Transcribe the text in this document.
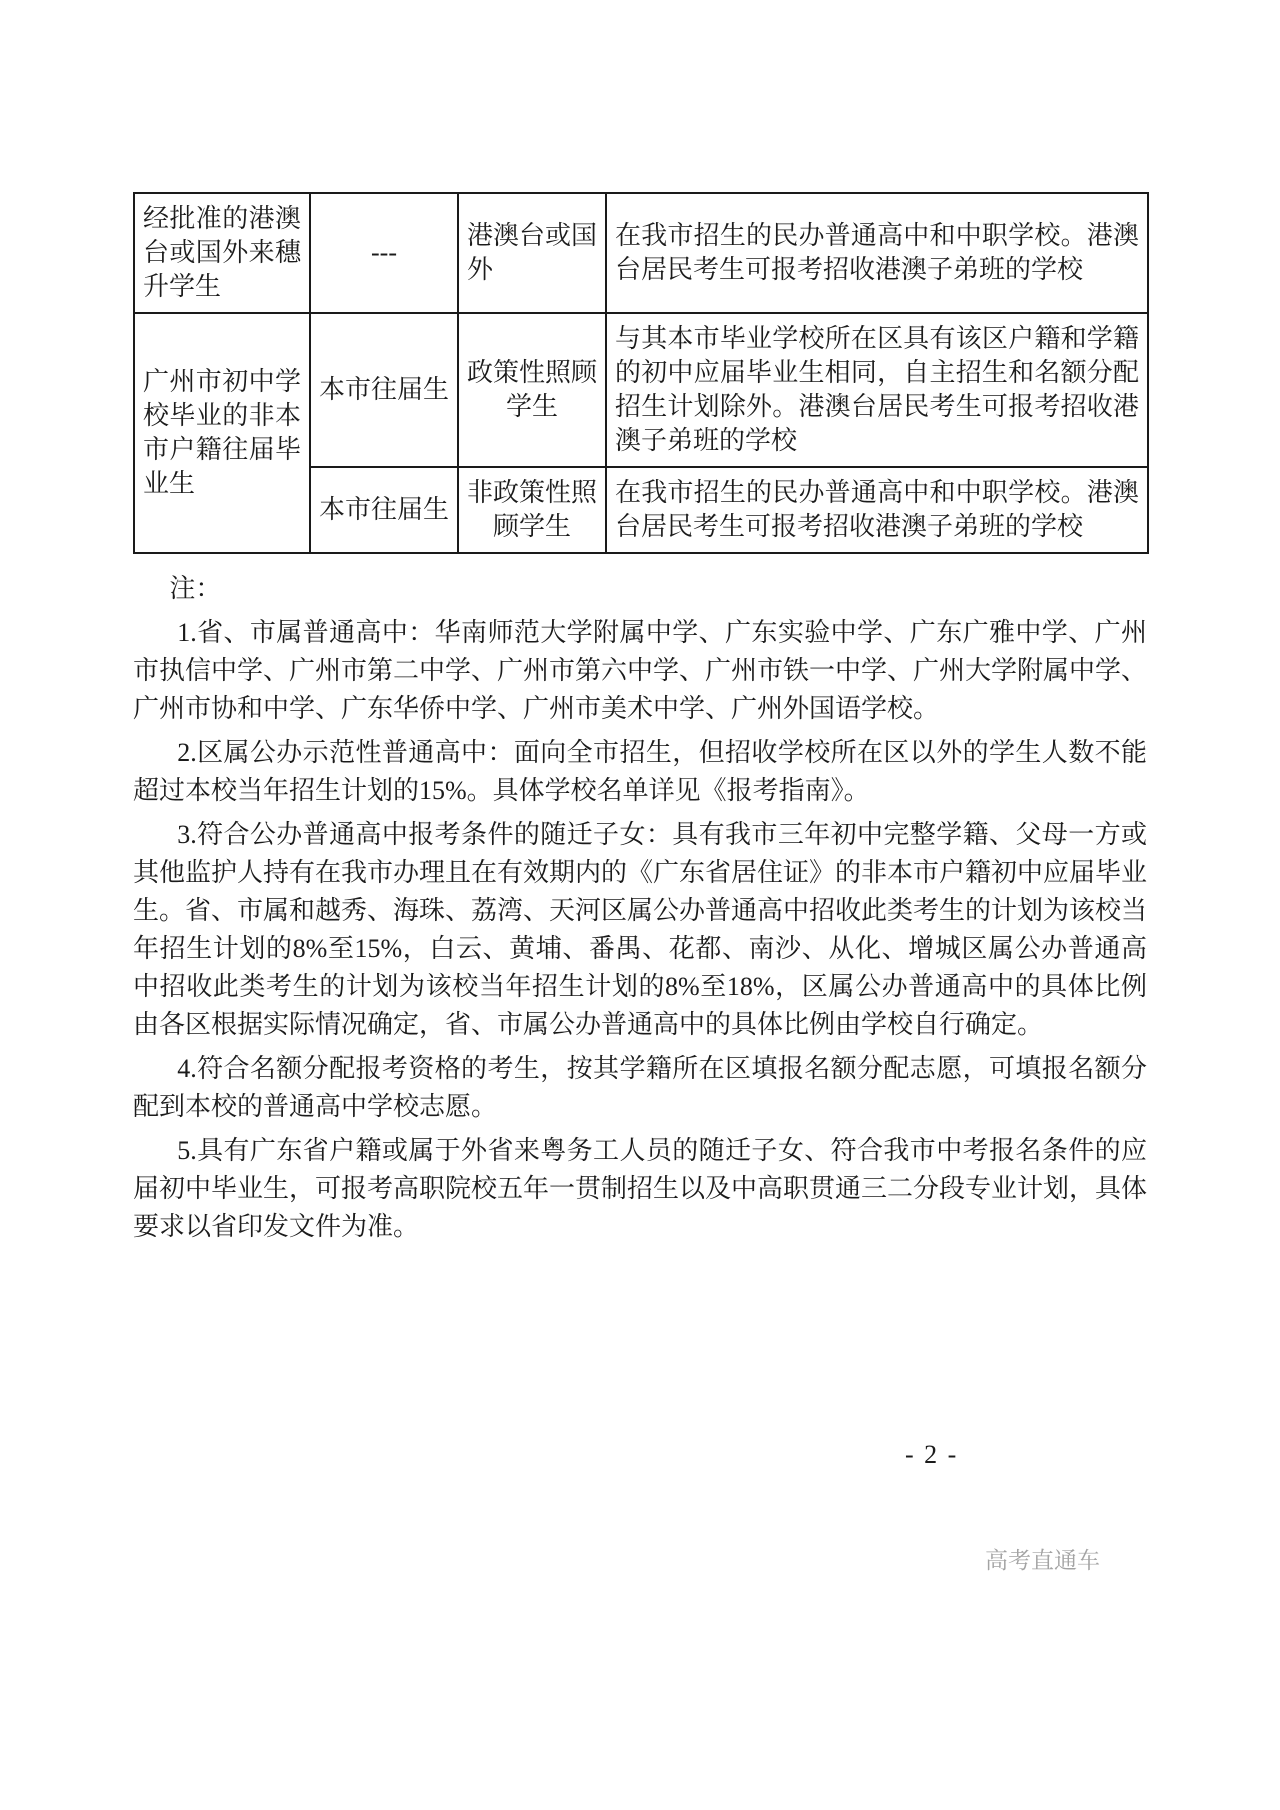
经批准的港澳台或国外来穗升学生	---	港澳台或国外	在我市招生的民办普通高中和中职学校。港澳台居民考生可报考招收港澳子弟班的学校
广州市初中学校毕业的非本市户籍往届毕业生	本市往届生	政策性照顾学生	与其本市毕业学校所在区具有该区户籍和学籍的初中应届毕业生相同，自主招生和名额分配招生计划除外。港澳台居民考生可报考招收港澳子弟班的学校
	本市往届生	非政策性照顾学生	在我市招生的民办普通高中和中职学校。港澳台居民考生可报考招收港澳子弟班的学校

注：

1.省、市属普通高中：华南师范大学附属中学、广东实验中学、广东广雅中学、广州市执信中学、广州市第二中学、广州市第六中学、广州市铁一中学、广州大学附属中学、广州市协和中学、广东华侨中学、广州市美术中学、广州外国语学校。

2.区属公办示范性普通高中：面向全市招生，但招收学校所在区以外的学生人数不能超过本校当年招生计划的15%。具体学校名单详见《报考指南》。

3.符合公办普通高中报考条件的随迁子女：具有我市三年初中完整学籍、父母一方或其他监护人持有在我市办理且在有效期内的《广东省居住证》的非本市户籍初中应届毕业生。省、市属和越秀、海珠、荔湾、天河区属公办普通高中招收此类考生的计划为该校当年招生计划的8%至15%，白云、黄埔、番禺、花都、南沙、从化、增城区属公办普通高中招收此类考生的计划为该校当年招生计划的8%至18%，区属公办普通高中的具体比例由各区根据实际情况确定，省、市属公办普通高中的具体比例由学校自行确定。

4.符合名额分配报考资格的考生，按其学籍所在区填报名额分配志愿，可填报名额分配到本校的普通高中学校志愿。

5.具有广东省户籍或属于外省来粤务工人员的随迁子女、符合我市中考报名条件的应届初中毕业生，可报考高职院校五年一贯制招生以及中高职贯通三二分段专业计划，具体要求以省印发文件为准。

- 2 -
高考直通车
